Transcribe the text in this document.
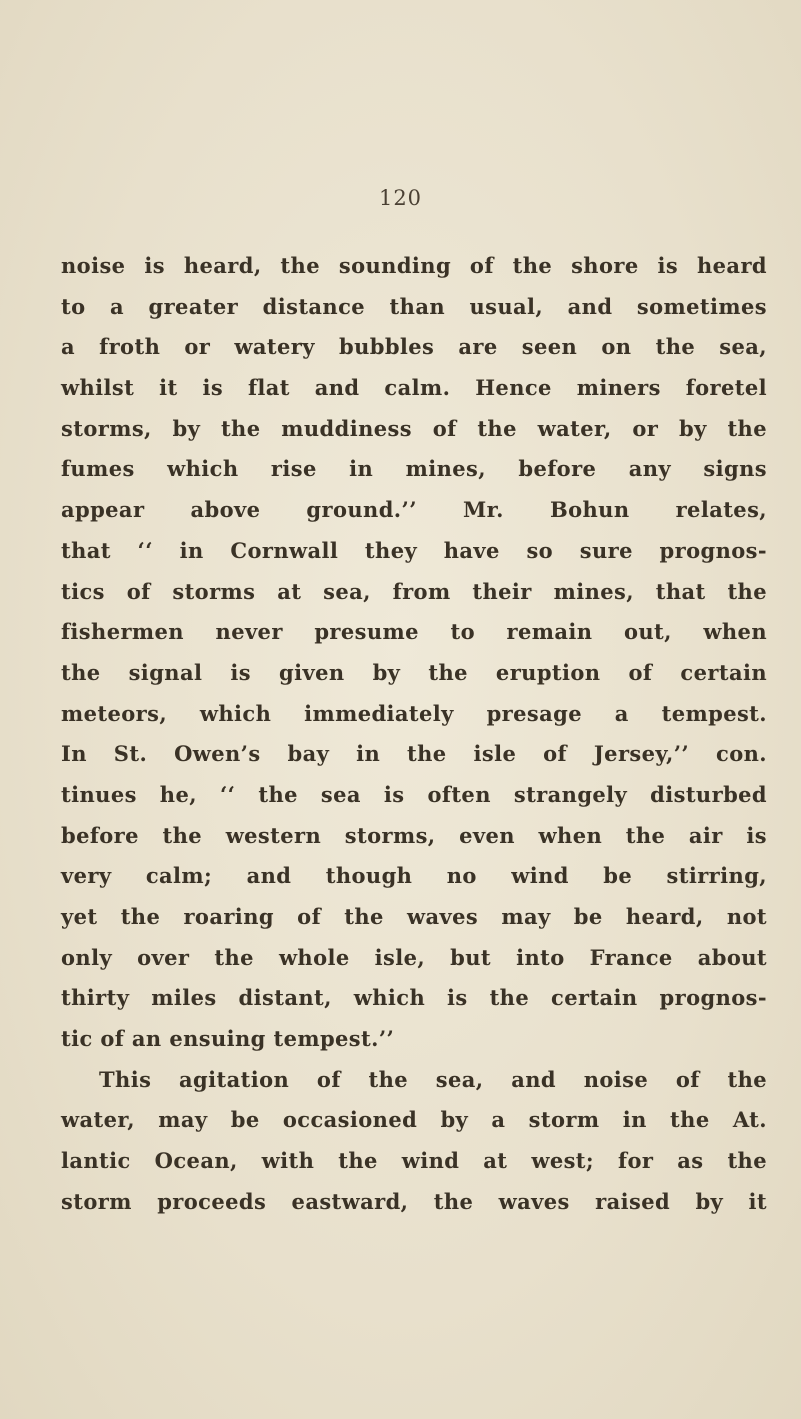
120
noise is heard, the sounding of the shore is heard
to a greater distance than usual, and sometimes
a froth or watery bubbles are seen on the sea,
whilst it is flat and calm. Hence miners foretel
storms, by the muddiness of the water, or by the
fumes which rise in mines, before any signs
appear above ground.’’ Mr. Bohun relates,
that ‘‘ in Cornwall they have so sure prognos-
tics of storms at sea, from their mines, that the
fishermen never presume to remain out, when
the signal is given by the eruption of certain
meteors, which immediately presage a tempest.
In St. Owen’s bay in the isle of Jersey,’’ con.
tinues he, ‘‘ the sea is often strangely disturbed
before the western storms, even when the air is
very calm; and though no wind be stirring,
yet the roaring of the waves may be heard, not
only over the whole isle, but into France about
thirty miles distant, which is the certain prognos-
tic of an ensuing tempest.’’
This agitation of the sea, and noise of the
water, may be occasioned by a storm in the At.
lantic Ocean, with the wind at west; for as the
storm proceeds eastward, the waves raised by it
